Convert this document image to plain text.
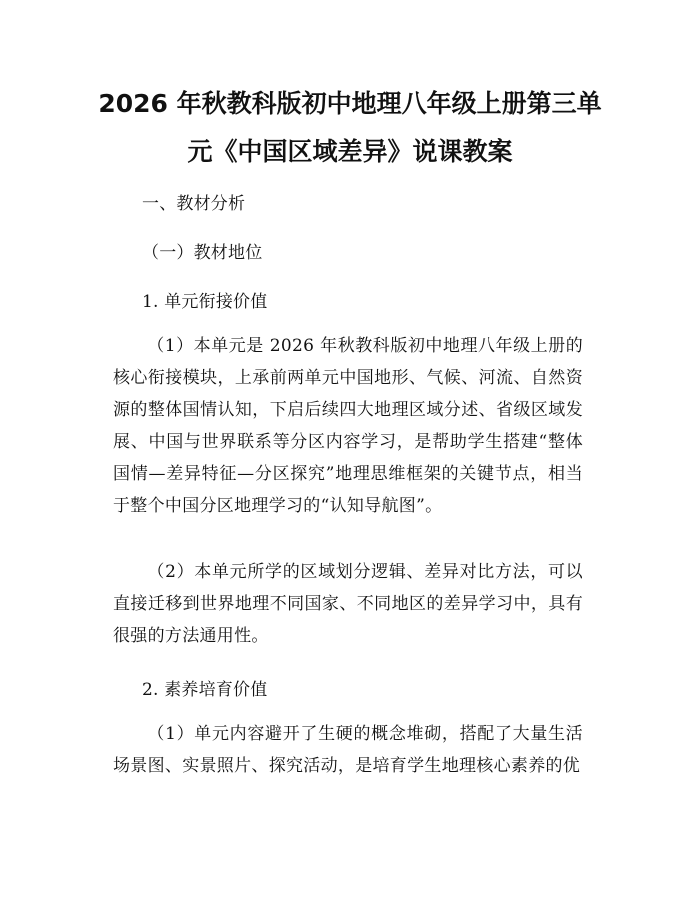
2026 年秋教科版初中地理八年级上册第三单
元《中国区域差异》说课教案
一、教材分析
（一）教材地位
1. 单元衔接价值
（1）本单元是 2026 年秋教科版初中地理八年级上册的核心衔接模块，上承前两单元中国地形、气候、河流、自然资源的整体国情认知，下启后续四大地理区域分述、省级区域发展、中国与世界联系等分区内容学习，是帮助学生搭建“整体国情—差异特征—分区探究”地理思维框架的关键节点，相当于整个中国分区地理学习的“认知导航图”。
（2）本单元所学的区域划分逻辑、差异对比方法，可以直接迁移到世界地理不同国家、不同地区的差异学习中，具有很强的方法通用性。
2. 素养培育价值
（1）单元内容避开了生硬的概念堆砌，搭配了大量生活场景图、实景照片、探究活动，是培育学生地理核心素养的优
